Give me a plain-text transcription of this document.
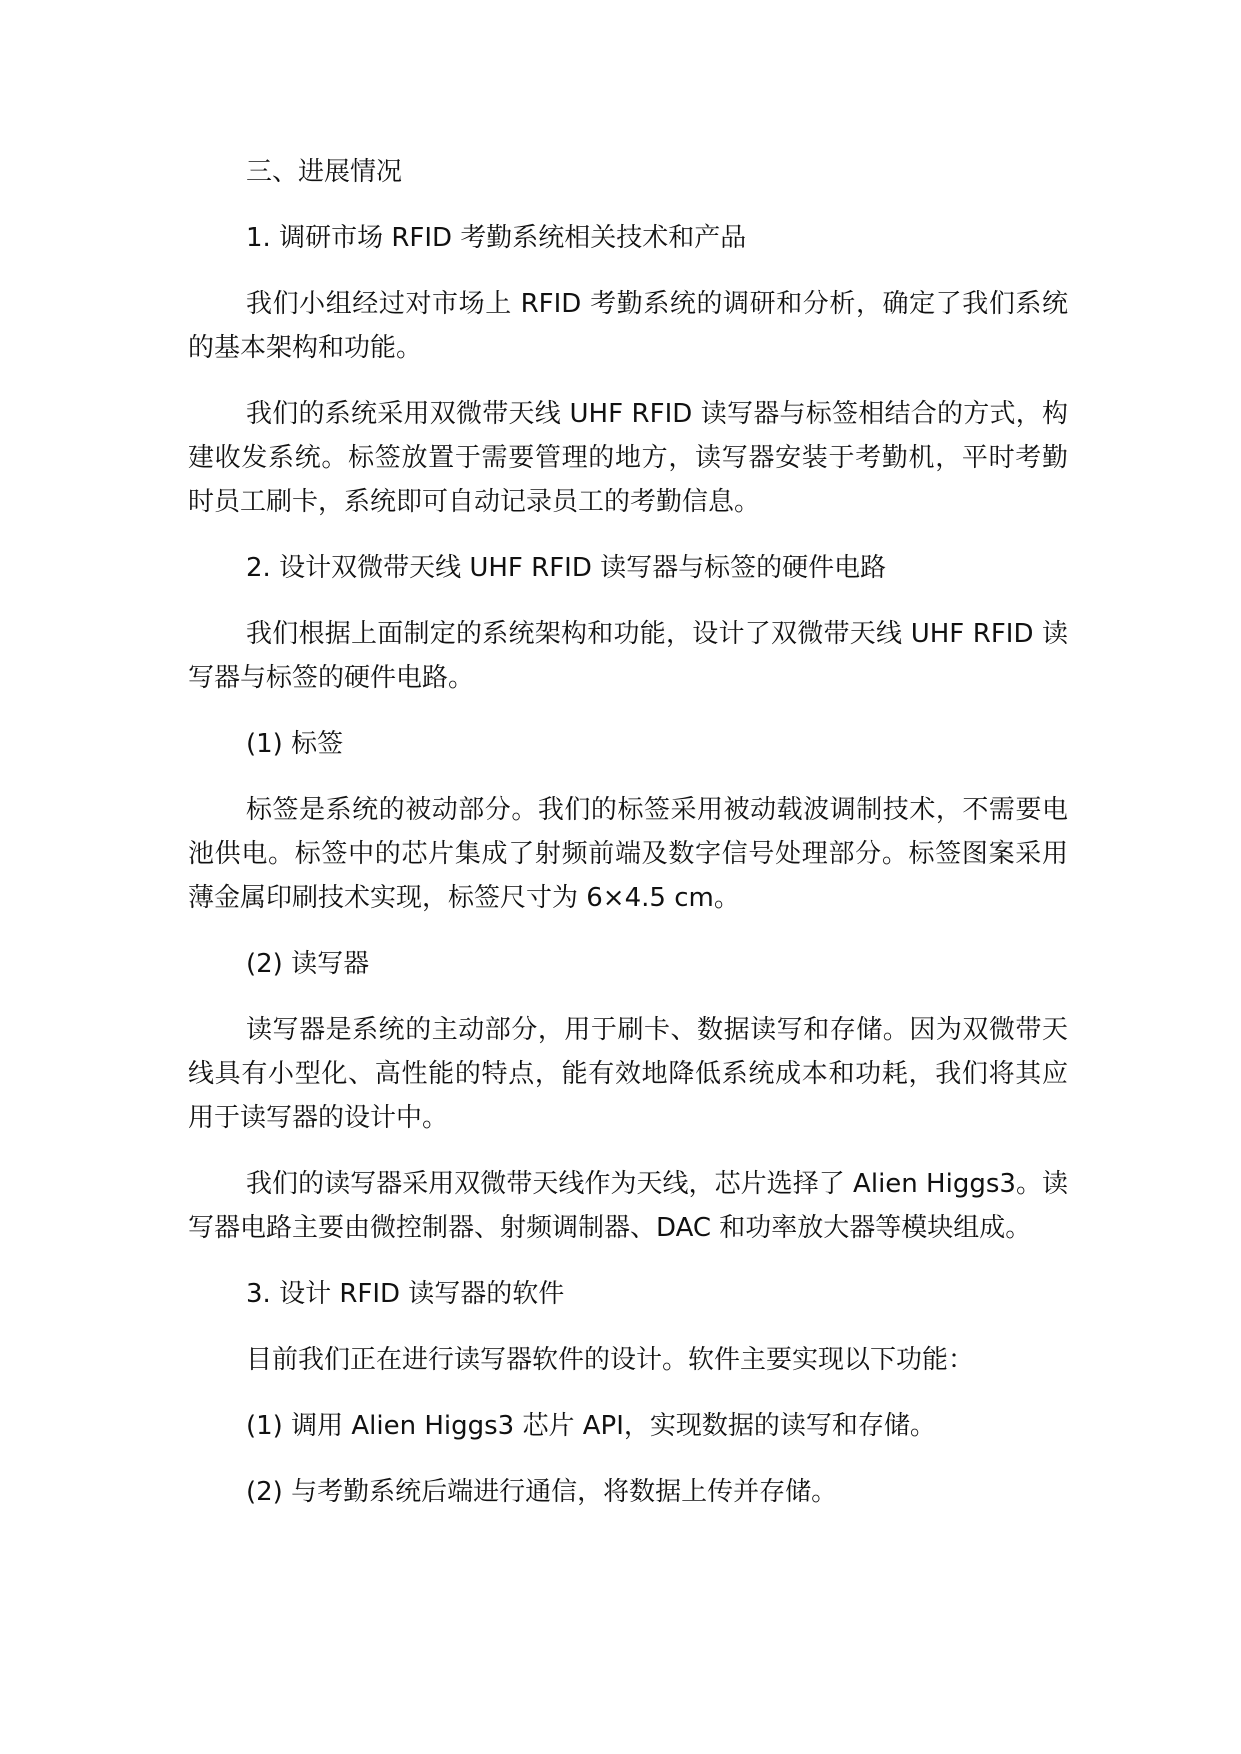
三、进展情况
1. 调研市场 RFID 考勤系统相关技术和产品

我们小组经过对市场上 RFID 考勤系统的调研和分析，确定了我们系统的基本架构和功能。

我们的系统采用双微带天线 UHF RFID 读写器与标签相结合的方式，构建收发系统。标签放置于需要管理的地方，读写器安装于考勤机，平时考勤时员工刷卡，系统即可自动记录员工的考勤信息。

2. 设计双微带天线 UHF RFID 读写器与标签的硬件电路

我们根据上面制定的系统架构和功能，设计了双微带天线 UHF RFID 读写器与标签的硬件电路。

(1) 标签

标签是系统的被动部分。我们的标签采用被动载波调制技术，不需要电池供电。标签中的芯片集成了射频前端及数字信号处理部分。标签图案采用薄金属印刷技术实现，标签尺寸为 6×4.5 cm。

(2) 读写器

读写器是系统的主动部分，用于刷卡、数据读写和存储。因为双微带天线具有小型化、高性能的特点，能有效地降低系统成本和功耗，我们将其应用于读写器的设计中。

我们的读写器采用双微带天线作为天线，芯片选择了 Alien Higgs3。读写器电路主要由微控制器、射频调制器、DAC 和功率放大器等模块组成。

3. 设计 RFID 读写器的软件

目前我们正在进行读写器软件的设计。软件主要实现以下功能：

(1) 调用 Alien Higgs3 芯片 API，实现数据的读写和存储。

(2) 与考勤系统后端进行通信，将数据上传并存储。
